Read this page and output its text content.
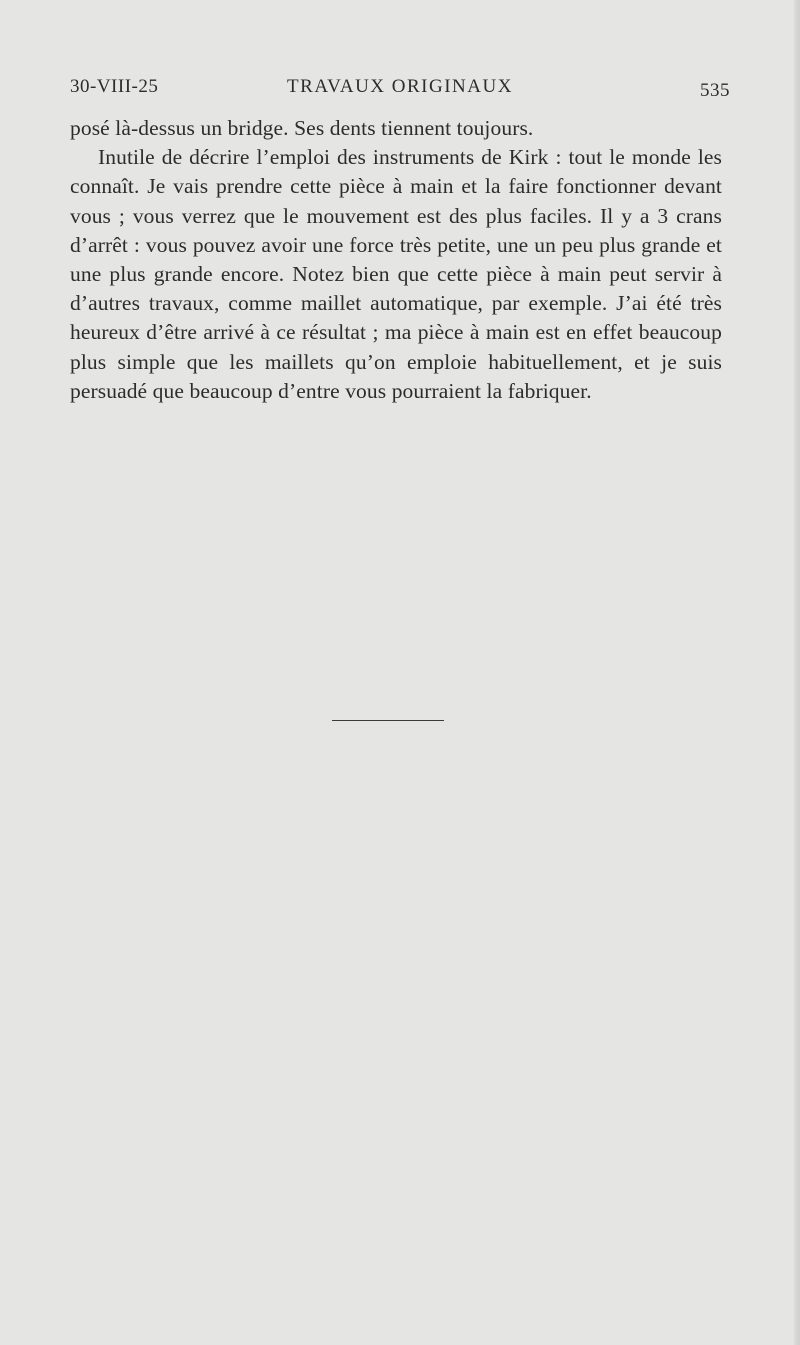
30-VIII-25	TRAVAUX ORIGINAUX	535

posé là-dessus un bridge. Ses dents tiennent toujours.

Inutile de décrire l’emploi des instruments de Kirk : tout le monde les connaît. Je vais prendre cette pièce à main et la faire fonctionner devant vous ; vous verrez que le mouvement est des plus faciles. Il y a 3 crans d’arrêt : vous pouvez avoir une force très petite, une un peu plus grande et une plus grande encore. Notez bien que cette pièce à main peut servir à d’autres travaux, comme maillet automatique, par exemple. J’ai été très heureux d’être arrivé à ce résultat ; ma pièce à main est en effet beaucoup plus simple que les maillets qu’on emploie habituellement, et je suis persuadé que beaucoup d’entre vous pourraient la fabriquer.
